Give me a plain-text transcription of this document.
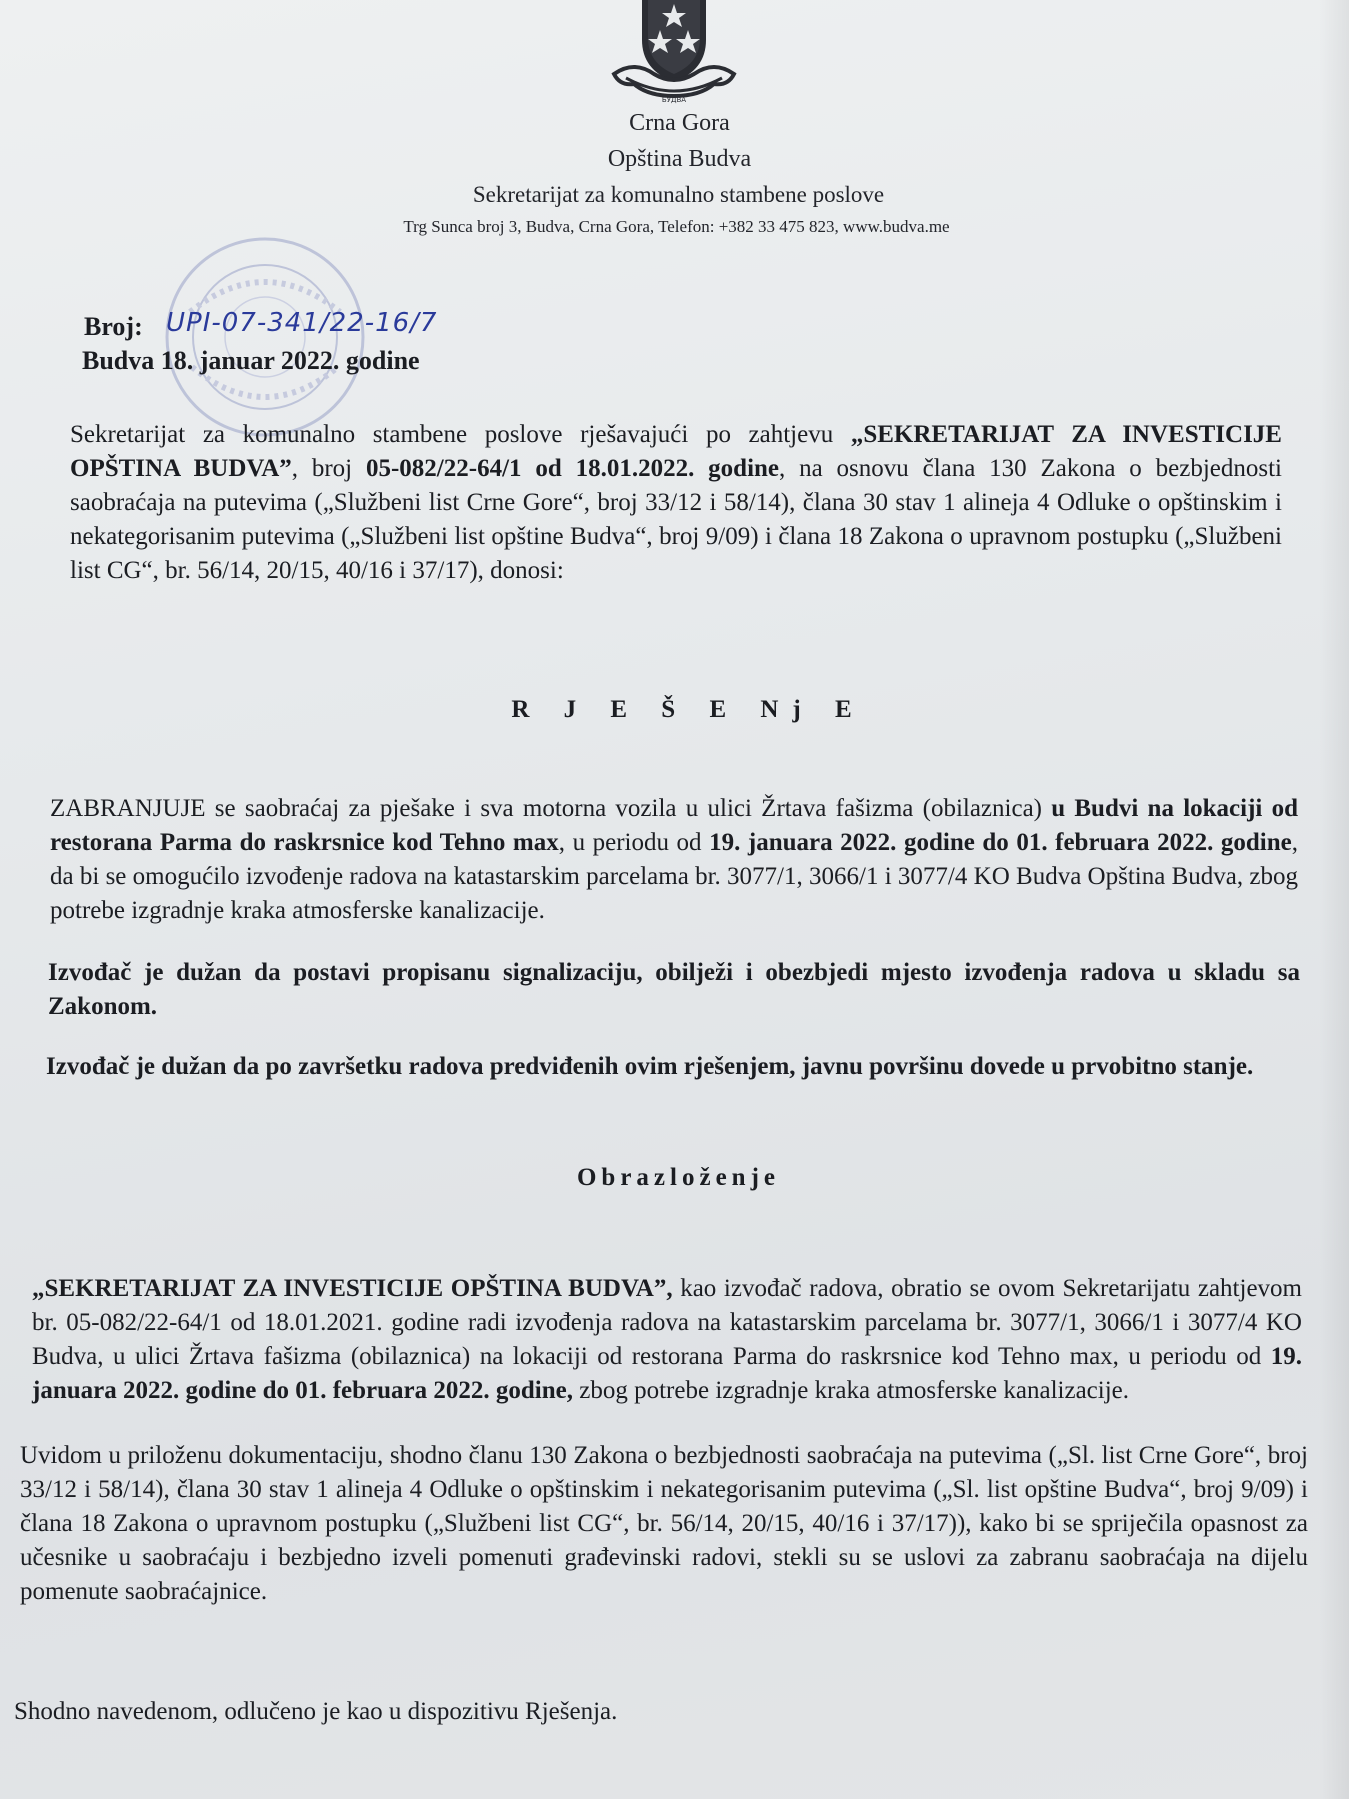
БУДВА
Crna Gora
Opština Budva
Sekretarijat za komunalno stambene poslove
Trg Sunca broj 3, Budva, Crna Gora, Telefon: +382 33 475 823, www.budva.me
Broj: UPI-07-341/22-16/7
Budva 18. januar 2022. godine
Sekretarijat za komunalno stambene poslove rješavajući po zahtjevu „SEKRETARIJAT ZA INVESTICIJE OPŠTINA BUDVA”, broj 05-082/22-64/1 od 18.01.2022. godine, na osnovu člana 130 Zakona o bezbjednosti saobraćaja na putevima („Službeni list Crne Gore“, broj 33/12 i 58/14), člana 30 stav 1 alineja 4 Odluke o opštinskim i nekategorisanim putevima („Službeni list opštine Budva“, broj 9/09) i člana 18 Zakona o upravnom postupku („Službeni list CG“, br. 56/14, 20/15, 40/16 i 37/17), donosi:
R J E Š E Nj E
ZABRANJUJE se saobraćaj za pješake i sva motorna vozila u ulici Žrtava fašizma (obilaznica) u Budvi na lokaciji od restorana Parma do raskrsnice kod Tehno max, u periodu od 19. januara 2022. godine do 01. februara 2022. godine, da bi se omogućilo izvođenje radova na katastarskim parcelama br. 3077/1, 3066/1 i 3077/4 KO Budva Opština Budva, zbog potrebe izgradnje kraka atmosferske kanalizacije.
Izvođač je dužan da postavi propisanu signalizaciju, obilježi i obezbjedi mjesto izvođenja radova u skladu sa Zakonom.
Izvođač je dužan da po završetku radova predviđenih ovim rješenjem, javnu površinu dovede u prvobitno stanje.
Obrazloženje
„SEKRETARIJAT ZA INVESTICIJE OPŠTINA BUDVA”, kao izvođač radova, obratio se ovom Sekretarijatu zahtjevom br. 05-082/22-64/1 od 18.01.2021. godine radi izvođenja radova na katastarskim parcelama br. 3077/1, 3066/1 i 3077/4 KO Budva, u ulici Žrtava fašizma (obilaznica) na lokaciji od restorana Parma do raskrsnice kod Tehno max, u periodu od 19. januara 2022. godine do 01. februara 2022. godine, zbog potrebe izgradnje kraka atmosferske kanalizacije.
Uvidom u priloženu dokumentaciju, shodno članu 130 Zakona o bezbjednosti saobraćaja na putevima („Sl. list Crne Gore“, broj 33/12 i 58/14), člana 30 stav 1 alineja 4 Odluke o opštinskim i nekategorisanim putevima („Sl. list opštine Budva“, broj 9/09) i člana 18 Zakona o upravnom postupku („Službeni list CG“, br. 56/14, 20/15, 40/16 i 37/17)), kako bi se spriječila opasnost za učesnike u saobraćaju i bezbjedno izveli pomenuti građevinski radovi, stekli su se uslovi za zabranu saobraćaja na dijelu pomenute saobraćajnice.
Shodno navedenom, odlučeno je kao u dispozitivu Rješenja.
